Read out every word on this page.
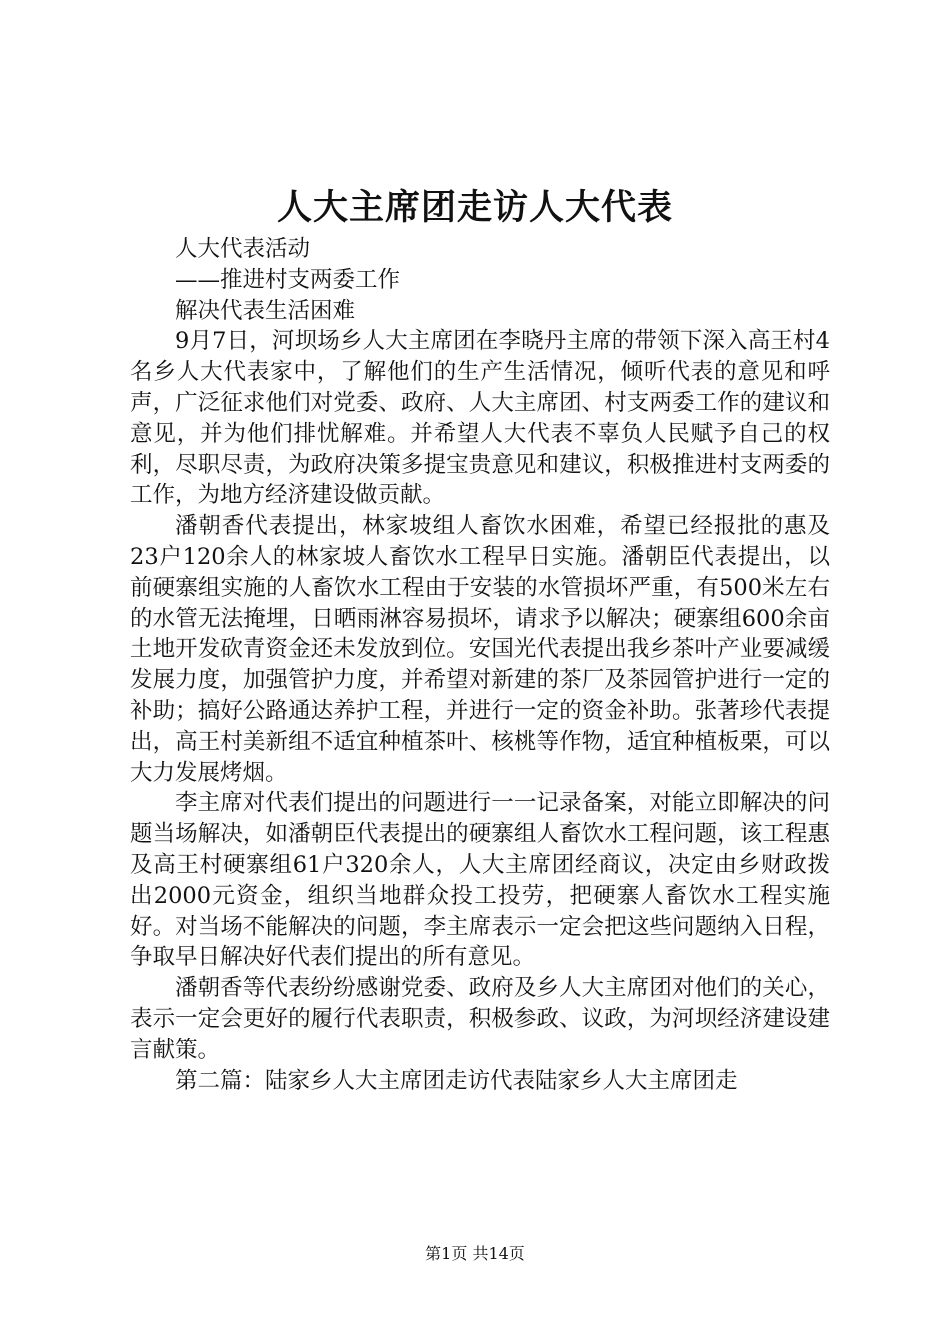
人大主席团走访人大代表

人大代表活动

——推进村支两委工作

解决代表生活困难

9月7日，河坝场乡人大主席团在李晓丹主席的带领下深入高王村4名乡人大代表家中，了解他们的生产生活情况，倾听代表的意见和呼声，广泛征求他们对党委、政府、人大主席团、村支两委工作的建议和意见，并为他们排忧解难。并希望人大代表不辜负人民赋予自己的权利，尽职尽责，为政府决策多提宝贵意见和建议，积极推进村支两委的工作，为地方经济建设做贡献。

潘朝香代表提出，林家坡组人畜饮水困难，希望已经报批的惠及23户120余人的林家坡人畜饮水工程早日实施。潘朝臣代表提出，以前硬寨组实施的人畜饮水工程由于安装的水管损坏严重，有500米左右的水管无法掩埋，日晒雨淋容易损坏，请求予以解决；硬寨组600余亩土地开发砍青资金还未发放到位。安国光代表提出我乡茶叶产业要减缓发展力度，加强管护力度，并希望对新建的茶厂及茶园管护进行一定的补助；搞好公路通达养护工程，并进行一定的资金补助。张著珍代表提出，高王村美新组不适宜种植茶叶、核桃等作物，适宜种植板栗，可以大力发展烤烟。

李主席对代表们提出的问题进行一一记录备案，对能立即解决的问题当场解决，如潘朝臣代表提出的硬寨组人畜饮水工程问题，该工程惠及高王村硬寨组61户320余人，人大主席团经商议，决定由乡财政拨出2000元资金，组织当地群众投工投劳，把硬寨人畜饮水工程实施好。对当场不能解决的问题，李主席表示一定会把这些问题纳入日程，争取早日解决好代表们提出的所有意见。

潘朝香等代表纷纷感谢党委、政府及乡人大主席团对他们的关心，表示一定会更好的履行代表职责，积极参政、议政，为河坝经济建设建言献策。

第二篇：陆家乡人大主席团走访代表陆家乡人大主席团走

第1页 共14页
